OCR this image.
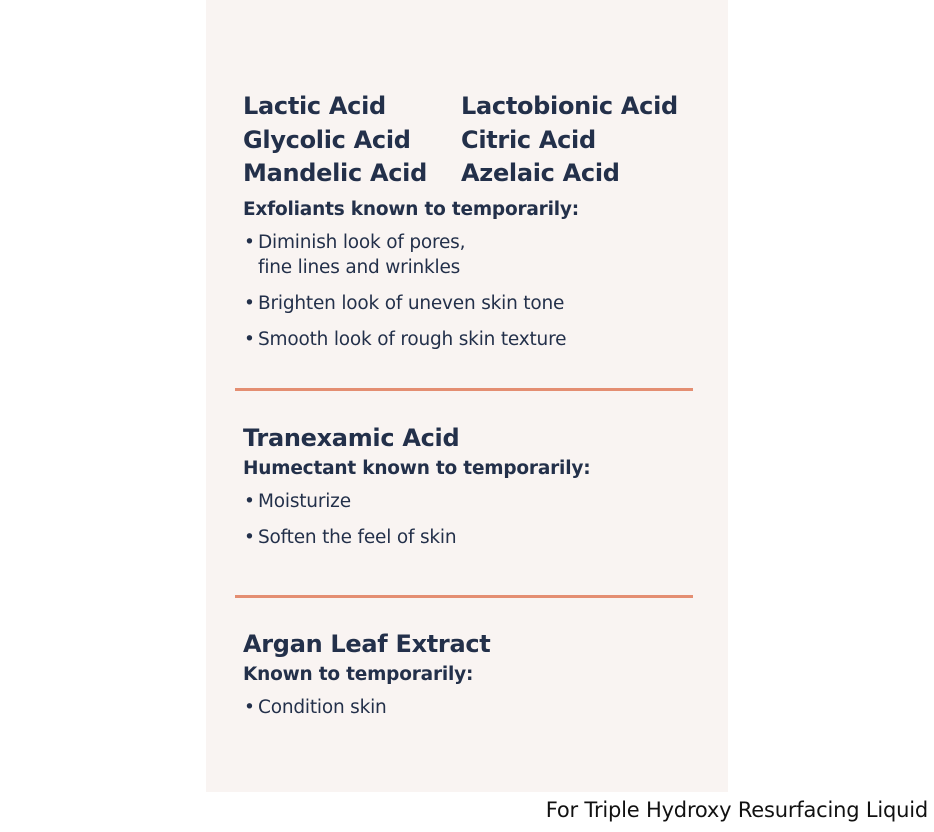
Lactic Acid	Lactobionic Acid
Glycolic Acid	Citric Acid
Mandelic Acid	Azelaic Acid

Exfoliants known to temporarily:

• Diminish look of pores,
fine lines and wrinkles
• Brighten look of uneven skin tone
• Smooth look of rough skin texture

Tranexamic Acid

Humectant known to temporarily:

• Moisturize
• Soften the feel of skin

Argan Leaf Extract

Known to temporarily:

• Condition skin
For Triple Hydroxy Resurfacing Liquid
